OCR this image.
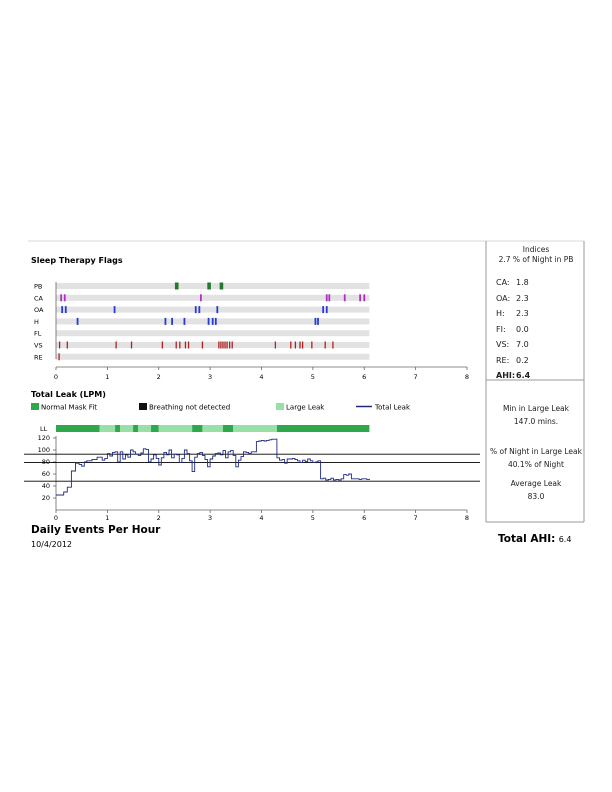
Sleep Therapy Flags
PB
CA
OA
H
FL
VS
RE
0	1	2	3	4	5	6	7	8
Total Leak (LPM)
Normal Mask Fit	Breathing not detected	Large Leak	Total Leak
LL
20
40
60
80
100
120
0	1	2	3	4	5	6	7	8
Indices
2.7 % of Night in PB
CA: 1.8
OA: 2.3
H: 2.3
FI: 0.0
VS: 7.0
RE: 0.2
AHI:6.4
Min in Large Leak
147.0 mins.
% of Night in Large Leak
40.1% of Night
Average Leak
83.0
Daily Events Per Hour
10/4/2012	Total AHI: 6.4
